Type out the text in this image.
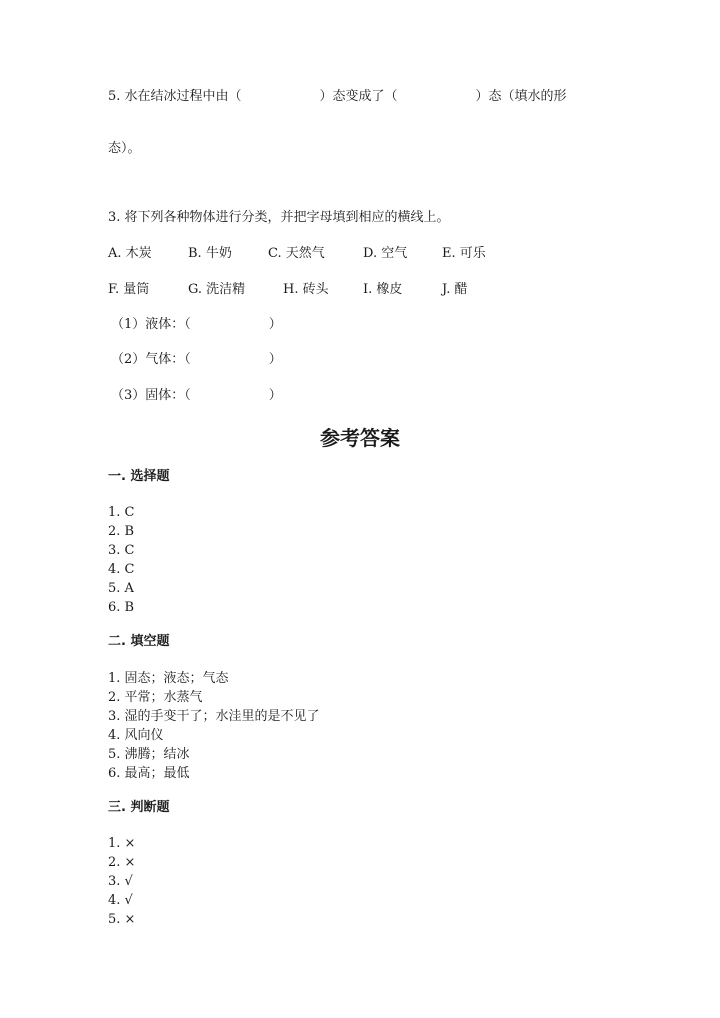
5. 水在结冰过程中由（　　　　　　）态变成了（　　　　　　）态（填水的形
态）。
3. 将下列各种物体进行分类，并把字母填到相应的横线上。
A. 木炭	B. 牛奶	C. 天然气	D. 空气	E. 可乐
F. 量筒	G. 洗洁精	H. 砖头	I. 橡皮	J. 醋
（1）液体：（　　　　　　）
（2）气体：（　　　　　　）
（3）固体：（　　　　　　）
参考答案
一. 选择题
1. C
2. B
3. C
4. C
5. A
6. B
二. 填空题
1. 固态；液态；气态
2. 平常；水蒸气
3. 湿的手变干了；水洼里的是不见了
4. 风向仪
5. 沸腾；结冰
6. 最高；最低
三. 判断题
1. ×
2. ×
3. √
4. √
5. ×
